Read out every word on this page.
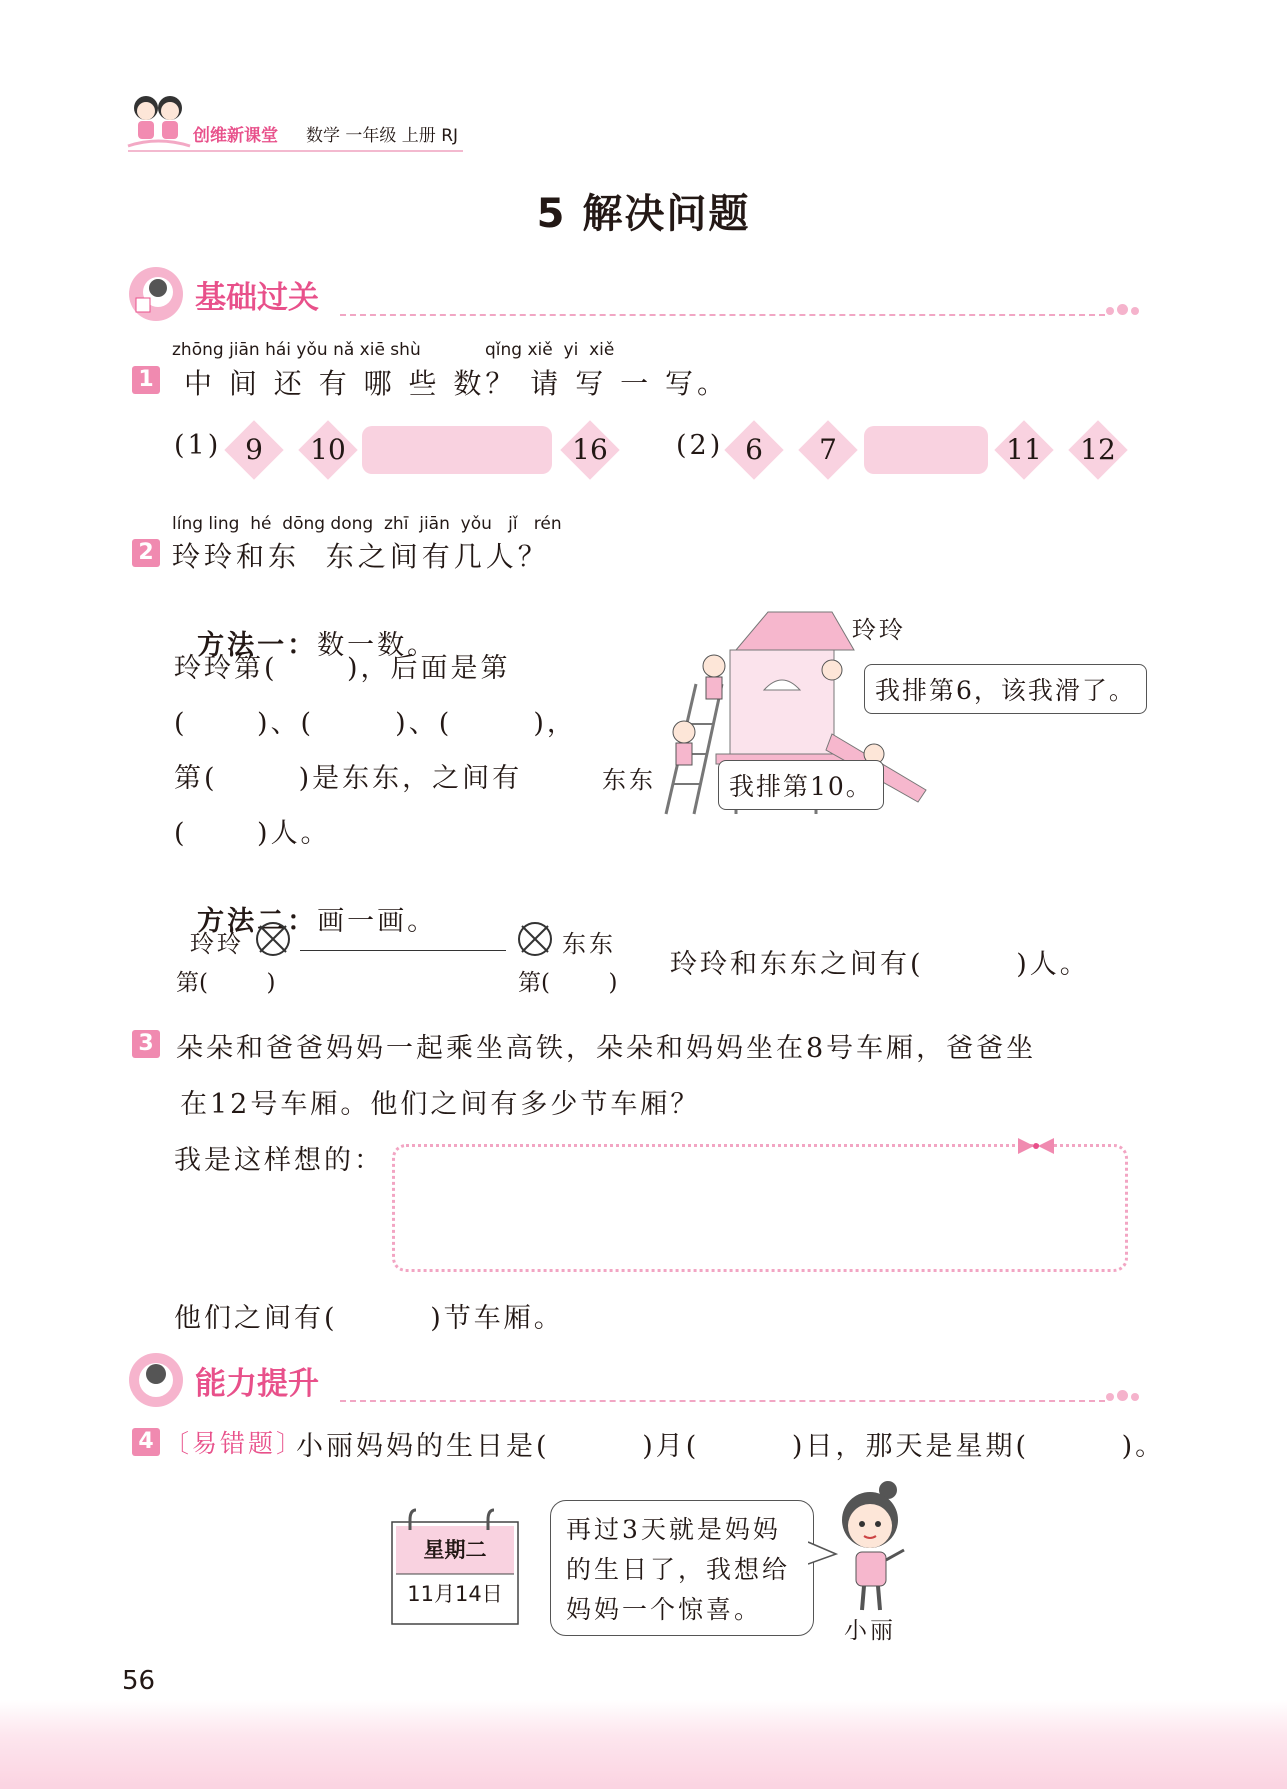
创维新课堂 数学 一年级 上册 RJ
5 解决问题
基础过关
zhōng jiān hái yǒu nǎ xiē shù	qǐng xiě  yi  xiě
1 中 间 还 有 哪 些 数？ 请 写 一 写。
(1) 9	10	16	(2) 6	7	11	12
líng ling  hé  dōng dong  zhī  jiān  yǒu   jǐ   rén
2 玲玲和东  东之间有几人？

方法一：数一数。

玲玲第(      )，后面是第
(      )、(       )、(       )，
第(       )是东东，之间有
(      )人。
玲玲
东东
我排第6，该我滑了。
我排第10。

方法二：画一画。

玲玲	东东
第(        )	第(        )
玲玲和东东之间有(        )人。
3 朵朵和爸爸妈妈一起乘坐高铁，朵朵和妈妈坐在8号车厢，爸爸坐
在12号车厢。他们之间有多少节车厢？
我是这样想的：
他们之间有(        )节车厢。
能力提升
4 〔易错题〕
小丽妈妈的生日是(        )月(        )日，那天是星期(        )。
星期二
11月14日
再过3天就是妈妈
的生日了，我想给
妈妈一个惊喜。
小丽
56
